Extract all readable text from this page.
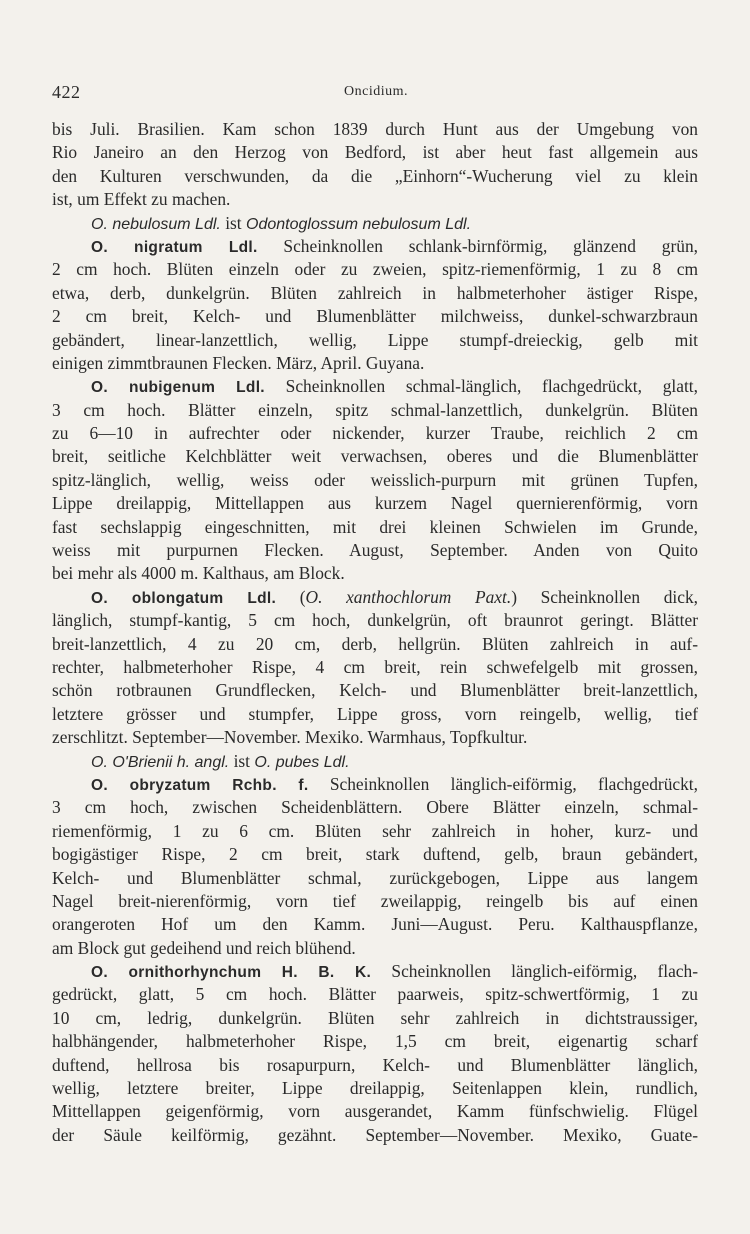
422	Oncidium.
bis Juli. Brasilien. Kam schon 1839 durch Hunt aus der Umgebung von
Rio Janeiro an den Herzog von Bedford, ist aber heut fast allgemein aus
den Kulturen verschwunden, da die „Einhorn“-Wucherung viel zu klein
ist, um Effekt zu machen.
O. nebulosum Ldl. ist Odontoglossum nebulosum Ldl.
O. nigratum Ldl. Scheinknollen schlank-birnförmig, glänzend grün,
2 cm hoch. Blüten einzeln oder zu zweien, spitz-riemenförmig, 1 zu 8 cm
etwa, derb, dunkelgrün. Blüten zahlreich in halbmeterhoher ästiger Rispe,
2 cm breit, Kelch- und Blumenblätter milchweiss, dunkel-schwarzbraun
gebändert, linear-lanzettlich, wellig, Lippe stumpf-dreieckig, gelb mit
einigen zimmtbraunen Flecken. März, April. Guyana.
O. nubigenum Ldl. Scheinknollen schmal-länglich, flachgedrückt, glatt,
3 cm hoch. Blätter einzeln, spitz schmal-lanzettlich, dunkelgrün. Blüten
zu 6—10 in aufrechter oder nickender, kurzer Traube, reichlich 2 cm
breit, seitliche Kelchblätter weit verwachsen, oberes und die Blumenblätter
spitz-länglich, wellig, weiss oder weisslich-purpurn mit grünen Tupfen,
Lippe dreilappig, Mittellappen aus kurzem Nagel quernierenförmig, vorn
fast sechslappig eingeschnitten, mit drei kleinen Schwielen im Grunde,
weiss mit purpurnen Flecken. August, September. Anden von Quito
bei mehr als 4000 m. Kalthaus, am Block.
O. oblongatum Ldl. (O. xanthochlorum Paxt.) Scheinknollen dick,
länglich, stumpf-kantig, 5 cm hoch, dunkelgrün, oft braunrot geringt. Blätter
breit-lanzettlich, 4 zu 20 cm, derb, hellgrün. Blüten zahlreich in auf-
rechter, halbmeterhoher Rispe, 4 cm breit, rein schwefelgelb mit grossen,
schön rotbraunen Grundflecken, Kelch- und Blumenblätter breit-lanzettlich,
letztere grösser und stumpfer, Lippe gross, vorn reingelb, wellig, tief
zerschlitzt. September—November. Mexiko. Warmhaus, Topfkultur.
O. O'Brienii h. angl. ist O. pubes Ldl.
O. obryzatum Rchb. f. Scheinknollen länglich-eiförmig, flachgedrückt,
3 cm hoch, zwischen Scheidenblättern. Obere Blätter einzeln, schmal-
riemenförmig, 1 zu 6 cm. Blüten sehr zahlreich in hoher, kurz- und
bogigästiger Rispe, 2 cm breit, stark duftend, gelb, braun gebändert,
Kelch- und Blumenblätter schmal, zurückgebogen, Lippe aus langem
Nagel breit-nierenförmig, vorn tief zweilappig, reingelb bis auf einen
orangeroten Hof um den Kamm. Juni—August. Peru. Kalthauspflanze,
am Block gut gedeihend und reich blühend.
O. ornithorhynchum H. B. K. Scheinknollen länglich-eiförmig, flach-
gedrückt, glatt, 5 cm hoch. Blätter paarweis, spitz-schwertförmig, 1 zu
10 cm, ledrig, dunkelgrün. Blüten sehr zahlreich in dichtstraussiger,
halbhängender, halbmeterhoher Rispe, 1,5 cm breit, eigenartig scharf
duftend, hellrosa bis rosapurpurn, Kelch- und Blumenblätter länglich,
wellig, letztere breiter, Lippe dreilappig, Seitenlappen klein, rundlich,
Mittellappen geigenförmig, vorn ausgerandet, Kamm fünfschwielig. Flügel
der Säule keilförmig, gezähnt. September—November. Mexiko, Guate-
